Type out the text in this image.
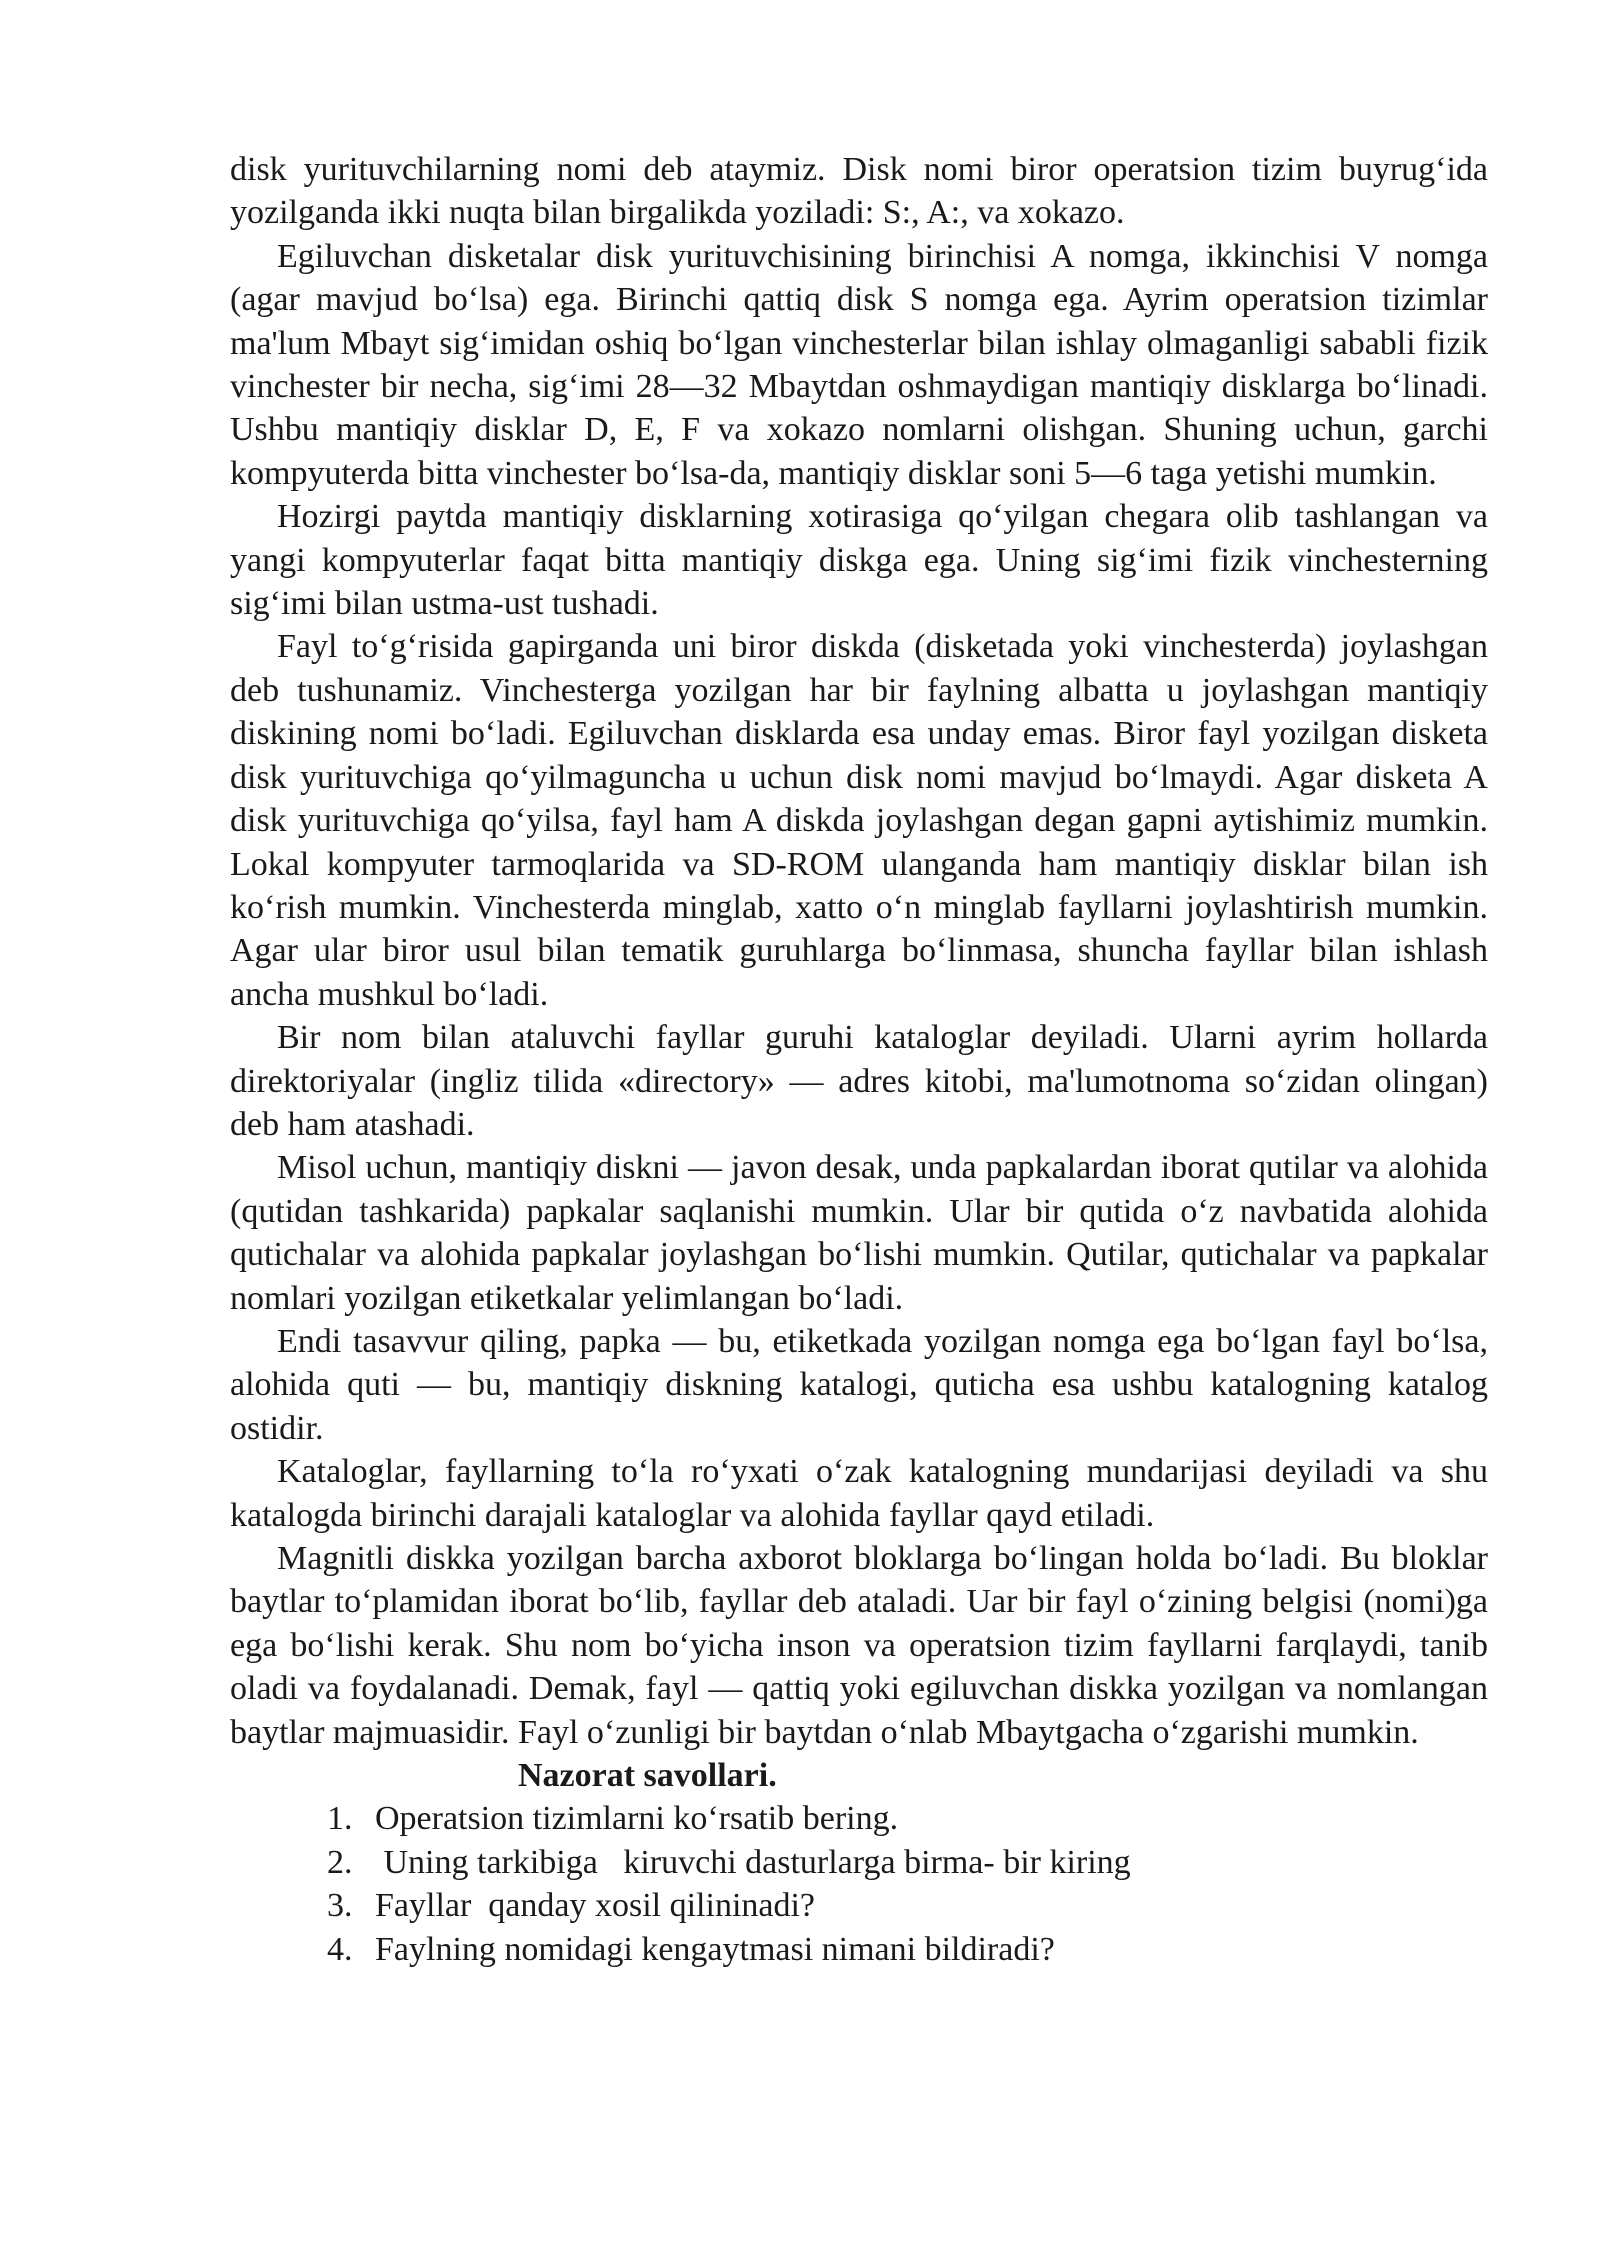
disk yurituvchilarning nomi deb ataymiz. Disk nomi biror operatsion tizim buyrug‘ida yozilganda ikki nuqta bilan birgalikda yoziladi: S:, A:, va xokazo.

Egiluvchan disketalar disk yurituvchisining birinchisi A nomga, ikkinchisi V nomga (agar mavjud bo‘lsa) ega. Birinchi qattiq disk S nomga ega. Ayrim operatsion tizimlar ma'lum Mbayt sig‘imidan oshiq bo‘lgan vinchesterlar bilan ishlay olmaganligi sababli fizik vinchester bir necha, sig‘imi 28—32 Mbaytdan oshmaydigan mantiqiy disklarga bo‘linadi. Ushbu mantiqiy disklar D, E, F va xokazo nomlarni olishgan. Shuning uchun, garchi kompyuterda bitta vinchester bo‘lsa-da, mantiqiy disklar soni 5—6 taga yetishi mumkin.

Hozirgi paytda mantiqiy disklarning xotirasiga qo‘yilgan chegara olib tashlangan va yangi kompyuterlar faqat bitta mantiqiy diskga ega. Uning sig‘imi fizik vinchesterning sig‘imi bilan ustma-ust tushadi.

Fayl to‘g‘risida gapirganda uni biror diskda (disketada yoki vinchesterda) joylashgan deb tushunamiz. Vinchesterga yozilgan har bir faylning albatta u joylashgan mantiqiy diskining nomi bo‘ladi. Egiluvchan disklarda esa unday emas. Biror fayl yozilgan disketa disk yurituvchiga qo‘yilmaguncha u uchun disk nomi mavjud bo‘lmaydi. Agar disketa A disk yurituvchiga qo‘yilsa, fayl ham A diskda joylashgan degan gapni aytishimiz mumkin. Lokal kompyuter tarmoqlarida va SD-ROM ulanganda ham mantiqiy disklar bilan ish ko‘rish mumkin. Vinchesterda minglab, xatto o‘n minglab fayllarni joylashtirish mumkin. Agar ular biror usul bilan tematik guruhlarga bo‘linmasa, shuncha fayllar bilan ishlash ancha mushkul bo‘ladi.

Bir nom bilan ataluvchi fayllar guruhi kataloglar deyiladi. Ularni ayrim hollarda direktoriyalar (ingliz tilida «directory» — adres kitobi, ma'lumotnoma so‘zidan olingan) deb ham atashadi.

Misol uchun, mantiqiy diskni — javon desak, unda papkalardan iborat qutilar va alohida (qutidan tashkarida) papkalar saqlanishi mumkin. Ular bir qutida o‘z navbatida alohida qutichalar va alohida papkalar joylashgan bo‘lishi mumkin. Qutilar, qutichalar va papkalar nomlari yozilgan etiketkalar yelimlangan bo‘ladi.

Endi tasavvur qiling, papka — bu, etiketkada yozilgan nomga ega bo‘lgan fayl bo‘lsa, alohida quti — bu, mantiqiy diskning katalogi, quticha esa ushbu katalogning katalog ostidir.

Kataloglar, fayllarning to‘la ro‘yxati o‘zak katalogning mundarijasi deyiladi va shu katalogda birinchi darajali kataloglar va alohida fayllar qayd etiladi.

Magnitli diskka yozilgan barcha axborot bloklarga bo‘lingan holda bo‘ladi. Bu bloklar baytlar to‘plamidan iborat bo‘lib, fayllar deb ataladi. Uar bir fayl o‘zining belgisi (nomi)ga ega bo‘lishi kerak. Shu nom bo‘yicha inson va operatsion tizim fayllarni farqlaydi, tanib oladi va foydalanadi. Demak, fayl — qattiq yoki egiluvchan diskka yozilgan va nomlangan baytlar majmuasidir. Fayl o‘zunligi bir baytdan o‘nlab Mbaytgacha o‘zgarishi mumkin.

Nazorat savollari.

1. Operatsion tizimlarni ko‘rsatib bering.
2. Uning tarkibiga   kiruvchi dasturlarga birma- bir kiring
3. Fayllar  qanday xosil qilininadi?
4. Faylning nomidagi kengaytmasi nimani bildiradi?
